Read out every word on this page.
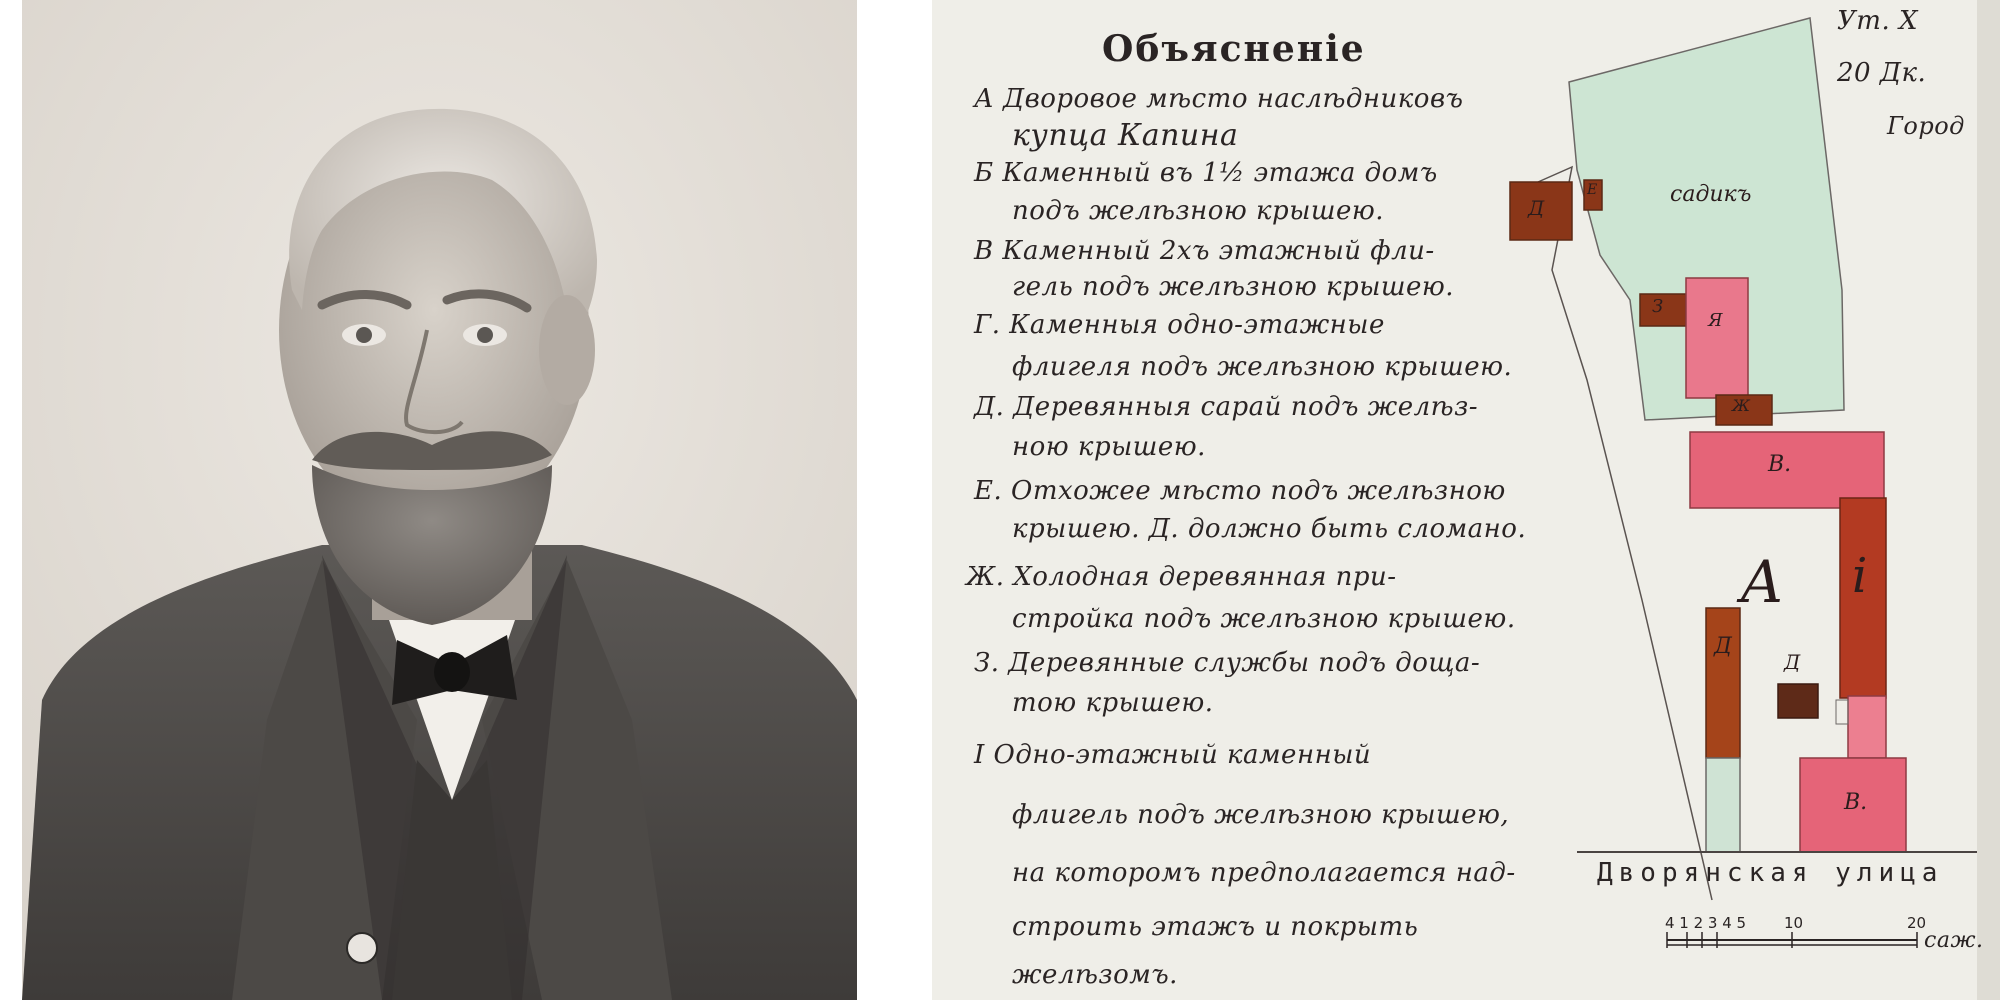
Объясненіе
А Дворовое мѣсто наслѣдниковъ
купца Капина
Б Каменный въ 1½ этажа домъ
подъ желѣзною крышею.
В Каменный 2хъ этажный фли-
гель подъ желѣзною крышею.
Г. Каменныя одно-этажные
флигеля подъ желѣзною крышею.
Д. Деревянныя сарай подъ желѣз-
ною крышею.
Е. Отхожее мѣсто подъ желѣзною
крышею. Д. должно быть сломано.
Ж. Холодная деревянная при-
стройка подъ желѣзною крышею.
З. Деревянные службы подъ доща-
тою крышею.
І Одно-этажный каменный
флигель подъ желѣзною крышею,
на которомъ предполагается над-
строить этажъ и покрыть
желѣзомъ.
Ут. Х
20 Дк.
Город
садикъ
Д
Е
З
Я
Ж
В.
А і
Д
Д
В.
Дворянская улица
4 1 2 3 4 5	10	20
саж.
